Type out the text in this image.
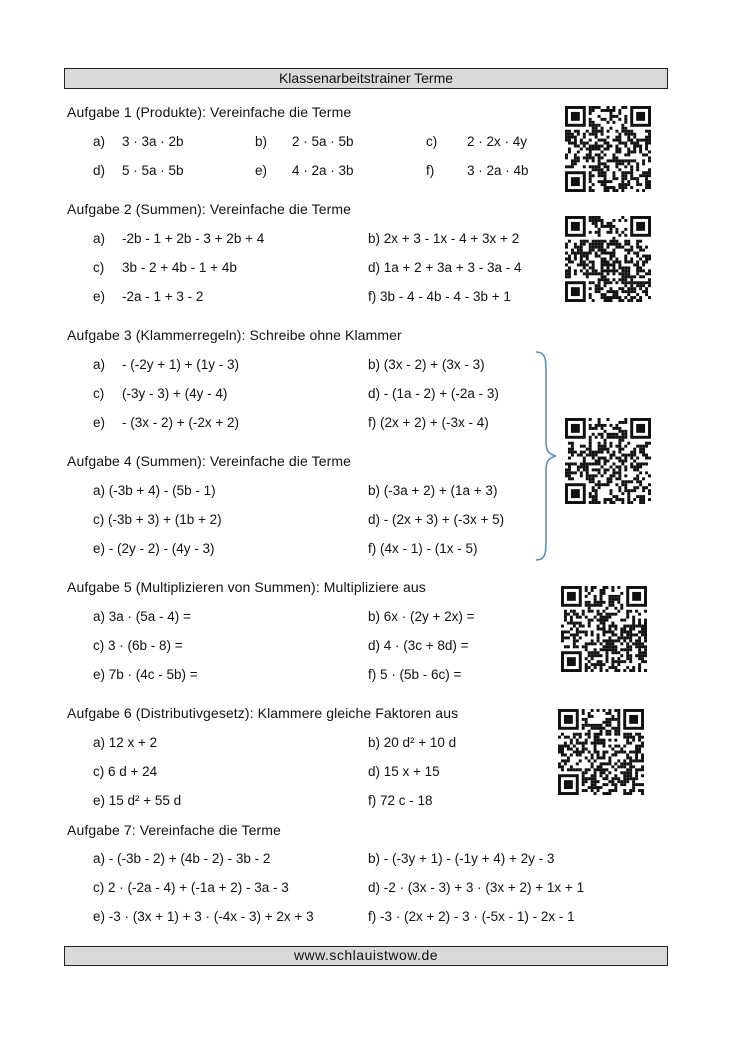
Klassenarbeitstrainer Terme
Aufgabe 1 (Produkte): Vereinfache die Terme
a) 3 · 3a · 2b	b) 2 · 5a · 5b	c) 2 · 2x · 4y
d) 5 · 5a · 5b	e) 4 · 2a · 3b	f) 3 · 2a · 4b
Aufgabe 2 (Summen): Vereinfache die Terme
a) -2b - 1 + 2b - 3 + 2b + 4	b) 2x + 3 - 1x - 4 + 3x + 2
c) 3b - 2 + 4b - 1 + 4b	d) 1a + 2 + 3a + 3 - 3a - 4
e) -2a - 1 + 3 - 2	f) 3b - 4 - 4b - 4 - 3b + 1
Aufgabe 3 (Klammerregeln): Schreibe ohne Klammer
a) - (-2y + 1) + (1y - 3)	b) (3x - 2) + (3x - 3)
c) (-3y - 3) + (4y - 4)	d) - (1a - 2) + (-2a - 3)
e) - (3x - 2) + (-2x + 2)	f) (2x + 2) + (-3x - 4)
Aufgabe 4 (Summen): Vereinfache die Terme
a) (-3b + 4) - (5b - 1)	b) (-3a + 2) + (1a + 3)
c) (-3b + 3) + (1b + 2)	d) - (2x + 3) + (-3x + 5)
e) - (2y - 2) - (4y - 3)	f) (4x - 1) - (1x - 5)
Aufgabe 5 (Multiplizieren von Summen): Multipliziere aus
a) 3a · (5a - 4) =	b) 6x · (2y + 2x) =
c) 3 · (6b - 8) =	d) 4 · (3c + 8d) =
e) 7b · (4c - 5b) =	f) 5 · (5b - 6c) =
Aufgabe 6 (Distributivgesetz): Klammere gleiche Faktoren aus
a) 12 x + 2	b) 20 d² + 10 d
c) 6 d + 24	d) 15 x + 15
e) 15 d² + 55 d	f) 72 c - 18
Aufgabe 7: Vereinfache die Terme
a) - (-3b - 2) + (4b - 2) - 3b - 2	b) - (-3y + 1) - (-1y + 4) + 2y - 3
c) 2 · (-2a - 4) + (-1a + 2) - 3a - 3	d) -2 · (3x - 3) + 3 · (3x + 2) + 1x + 1
e) -3 · (3x + 1) + 3 · (-4x - 3) + 2x + 3	f) -3 · (2x + 2) - 3 · (-5x - 1) - 2x - 1
www.schlauistwow.de
